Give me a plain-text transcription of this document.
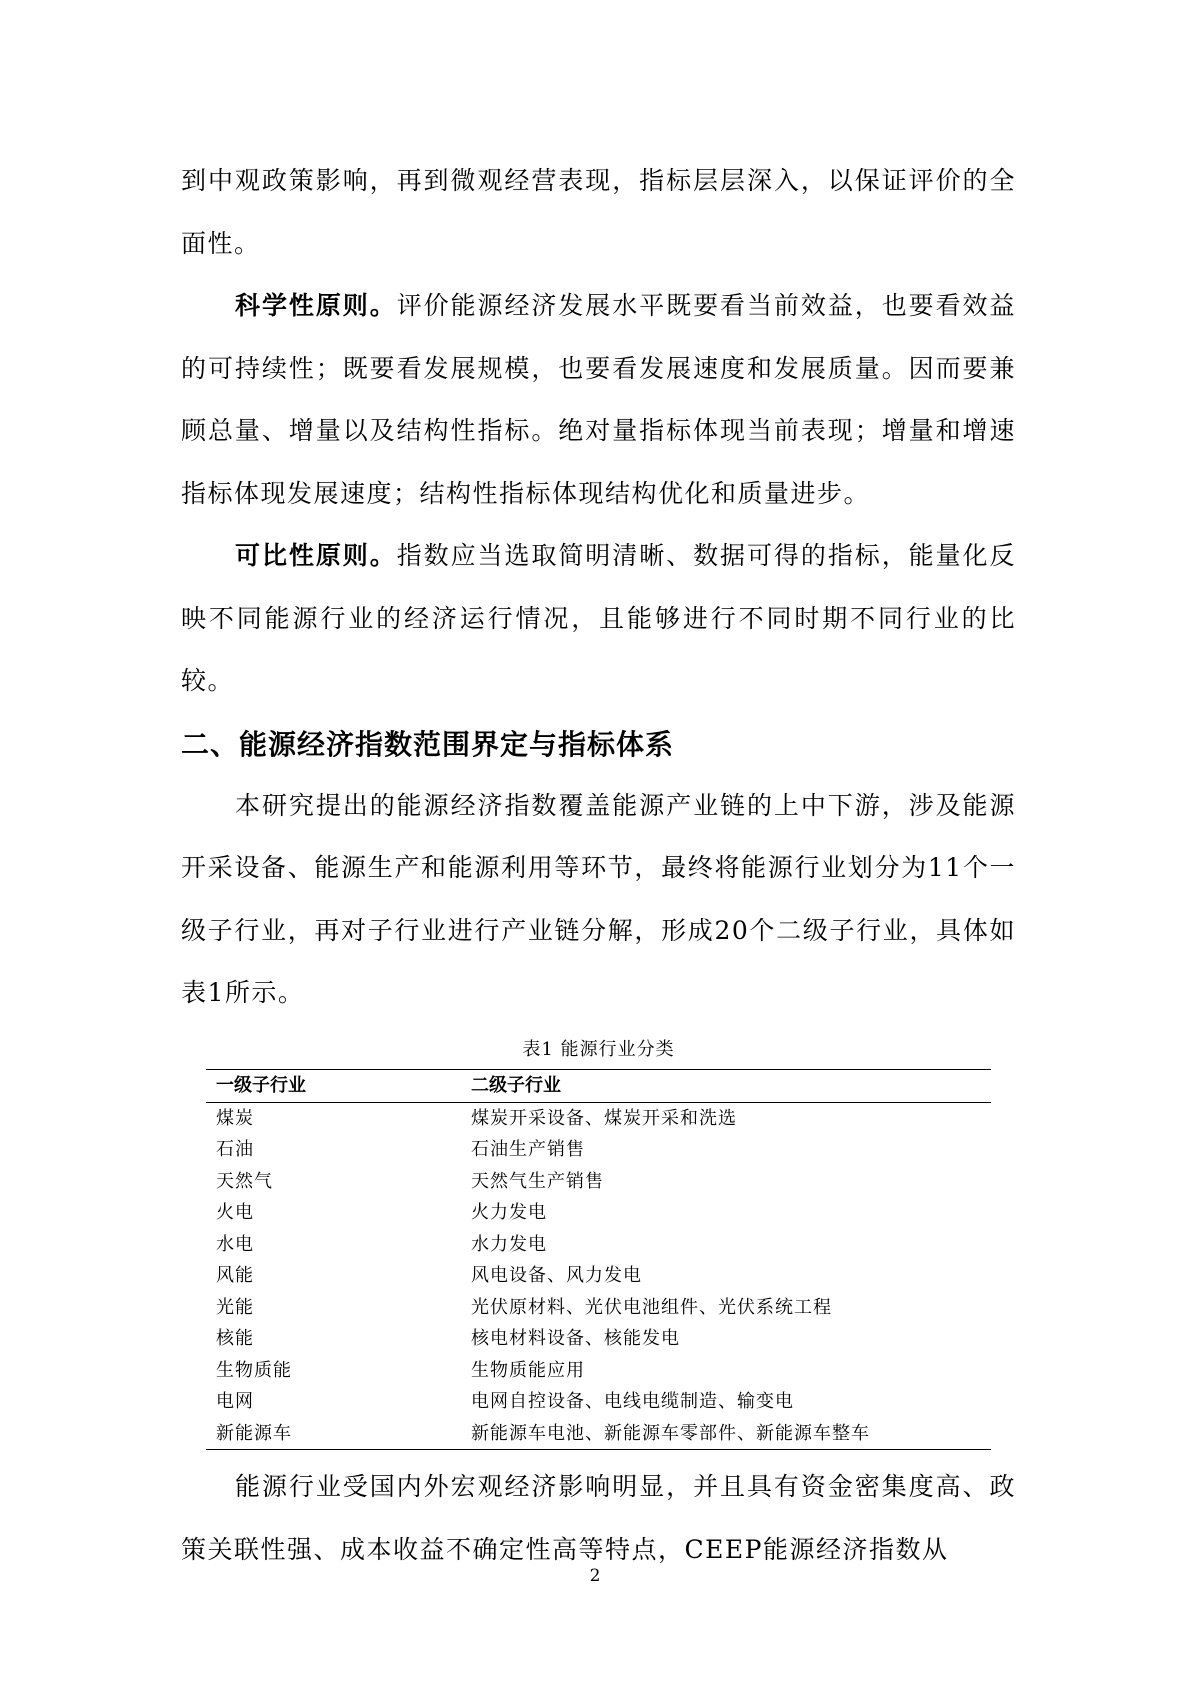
到中观政策影响，再到微观经营表现，指标层层深入，以保证评价的全面性。

科学性原则。评价能源经济发展水平既要看当前效益，也要看效益的可持续性；既要看发展规模，也要看发展速度和发展质量。因而要兼顾总量、增量以及结构性指标。绝对量指标体现当前表现；增量和增速指标体现发展速度；结构性指标体现结构优化和质量进步。

可比性原则。指数应当选取简明清晰、数据可得的指标，能量化反映不同能源行业的经济运行情况，且能够进行不同时期不同行业的比较。

二、能源经济指数范围界定与指标体系

本研究提出的能源经济指数覆盖能源产业链的上中下游，涉及能源开采设备、能源生产和能源利用等环节，最终将能源行业划分为11个一级子行业，再对子行业进行产业链分解，形成20个二级子行业，具体如表1所示。

表1 能源行业分类
一级子行业	二级子行业
煤炭	煤炭开采设备、煤炭开采和洗选
石油	石油生产销售
天然气	天然气生产销售
火电	火力发电
水电	水力发电
风能	风电设备、风力发电
光能	光伏原材料、光伏电池组件、光伏系统工程
核能	核电材料设备、核能发电
生物质能	生物质能应用
电网	电网自控设备、电线电缆制造、输变电
新能源车	新能源车电池、新能源车零部件、新能源车整车

能源行业受国内外宏观经济影响明显，并且具有资金密集度高、政策关联性强、成本收益不确定性高等特点，CEEP能源经济指数从

2
